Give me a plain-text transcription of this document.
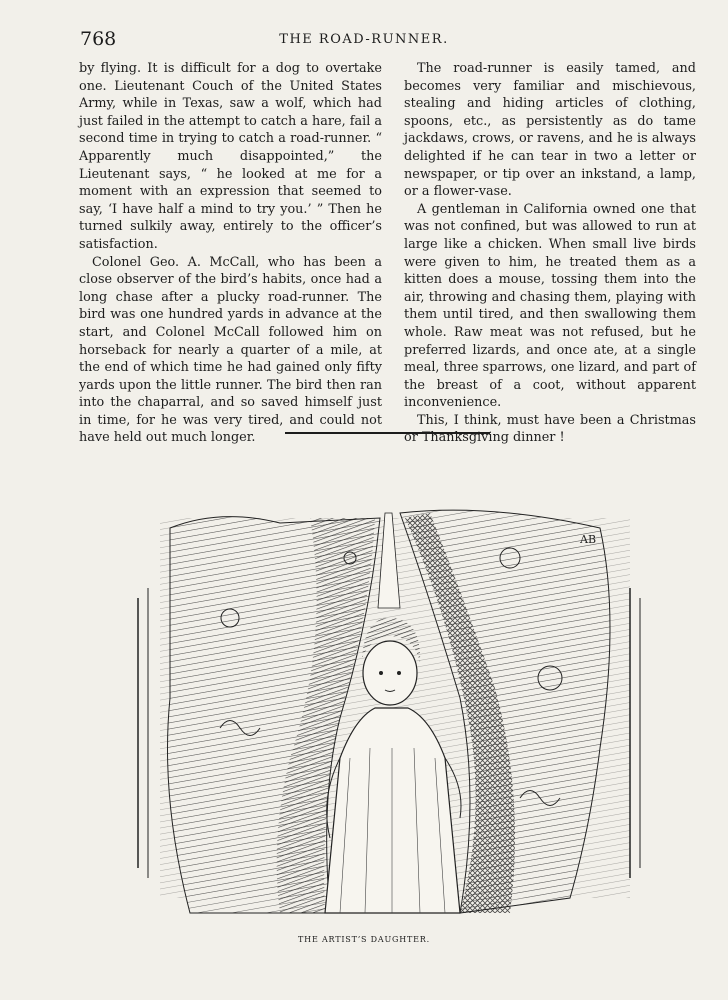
768	THE ROAD-RUNNER.

by flying. It is difficult for a dog to overtake one. Lieutenant Couch of the United States Army, while in Texas, saw a wolf, which had just failed in the attempt to catch a hare, fail a second time in trying to catch a road-runner. “ Apparently much disappointed,” the Lieutenant says, “ he looked at me for a moment with an expression that seemed to say, ‘I have half a mind to try you.’ ” Then he turned sulkily away, entirely to the officer’s satisfaction.

Colonel Geo. A. McCall, who has been a close observer of the bird’s habits, once had a long chase after a plucky road-runner. The bird was one hundred yards in advance at the start, and Colonel McCall followed him on horseback for nearly a quarter of a mile, at the end of which time he had gained only fifty yards upon the little runner. The bird then ran into the chaparral, and so saved himself just in time, for he was very tired, and could not have held out much longer.

The road-runner is easily tamed, and becomes very familiar and mischievous, stealing and hiding articles of clothing, spoons, etc., as persistently as do tame jackdaws, crows, or ravens, and he is always delighted if he can tear in two a letter or newspaper, or tip over an inkstand, a lamp, or a flower-vase.

A gentleman in California owned one that was not confined, but was allowed to run at large like a chicken. When small live birds were given to him, he treated them as a kitten does a mouse, tossing them into the air, throwing and chasing them, playing with them until tired, and then swallowing them whole. Raw meat was not refused, but he preferred lizards, and once ate, at a single meal, three sparrows, one lizard, and part of the breast of a coot, without apparent inconvenience.

This, I think, must have been a Christmas or Thanksgiving dinner !

AB
THE ARTIST’S DAUGHTER.
